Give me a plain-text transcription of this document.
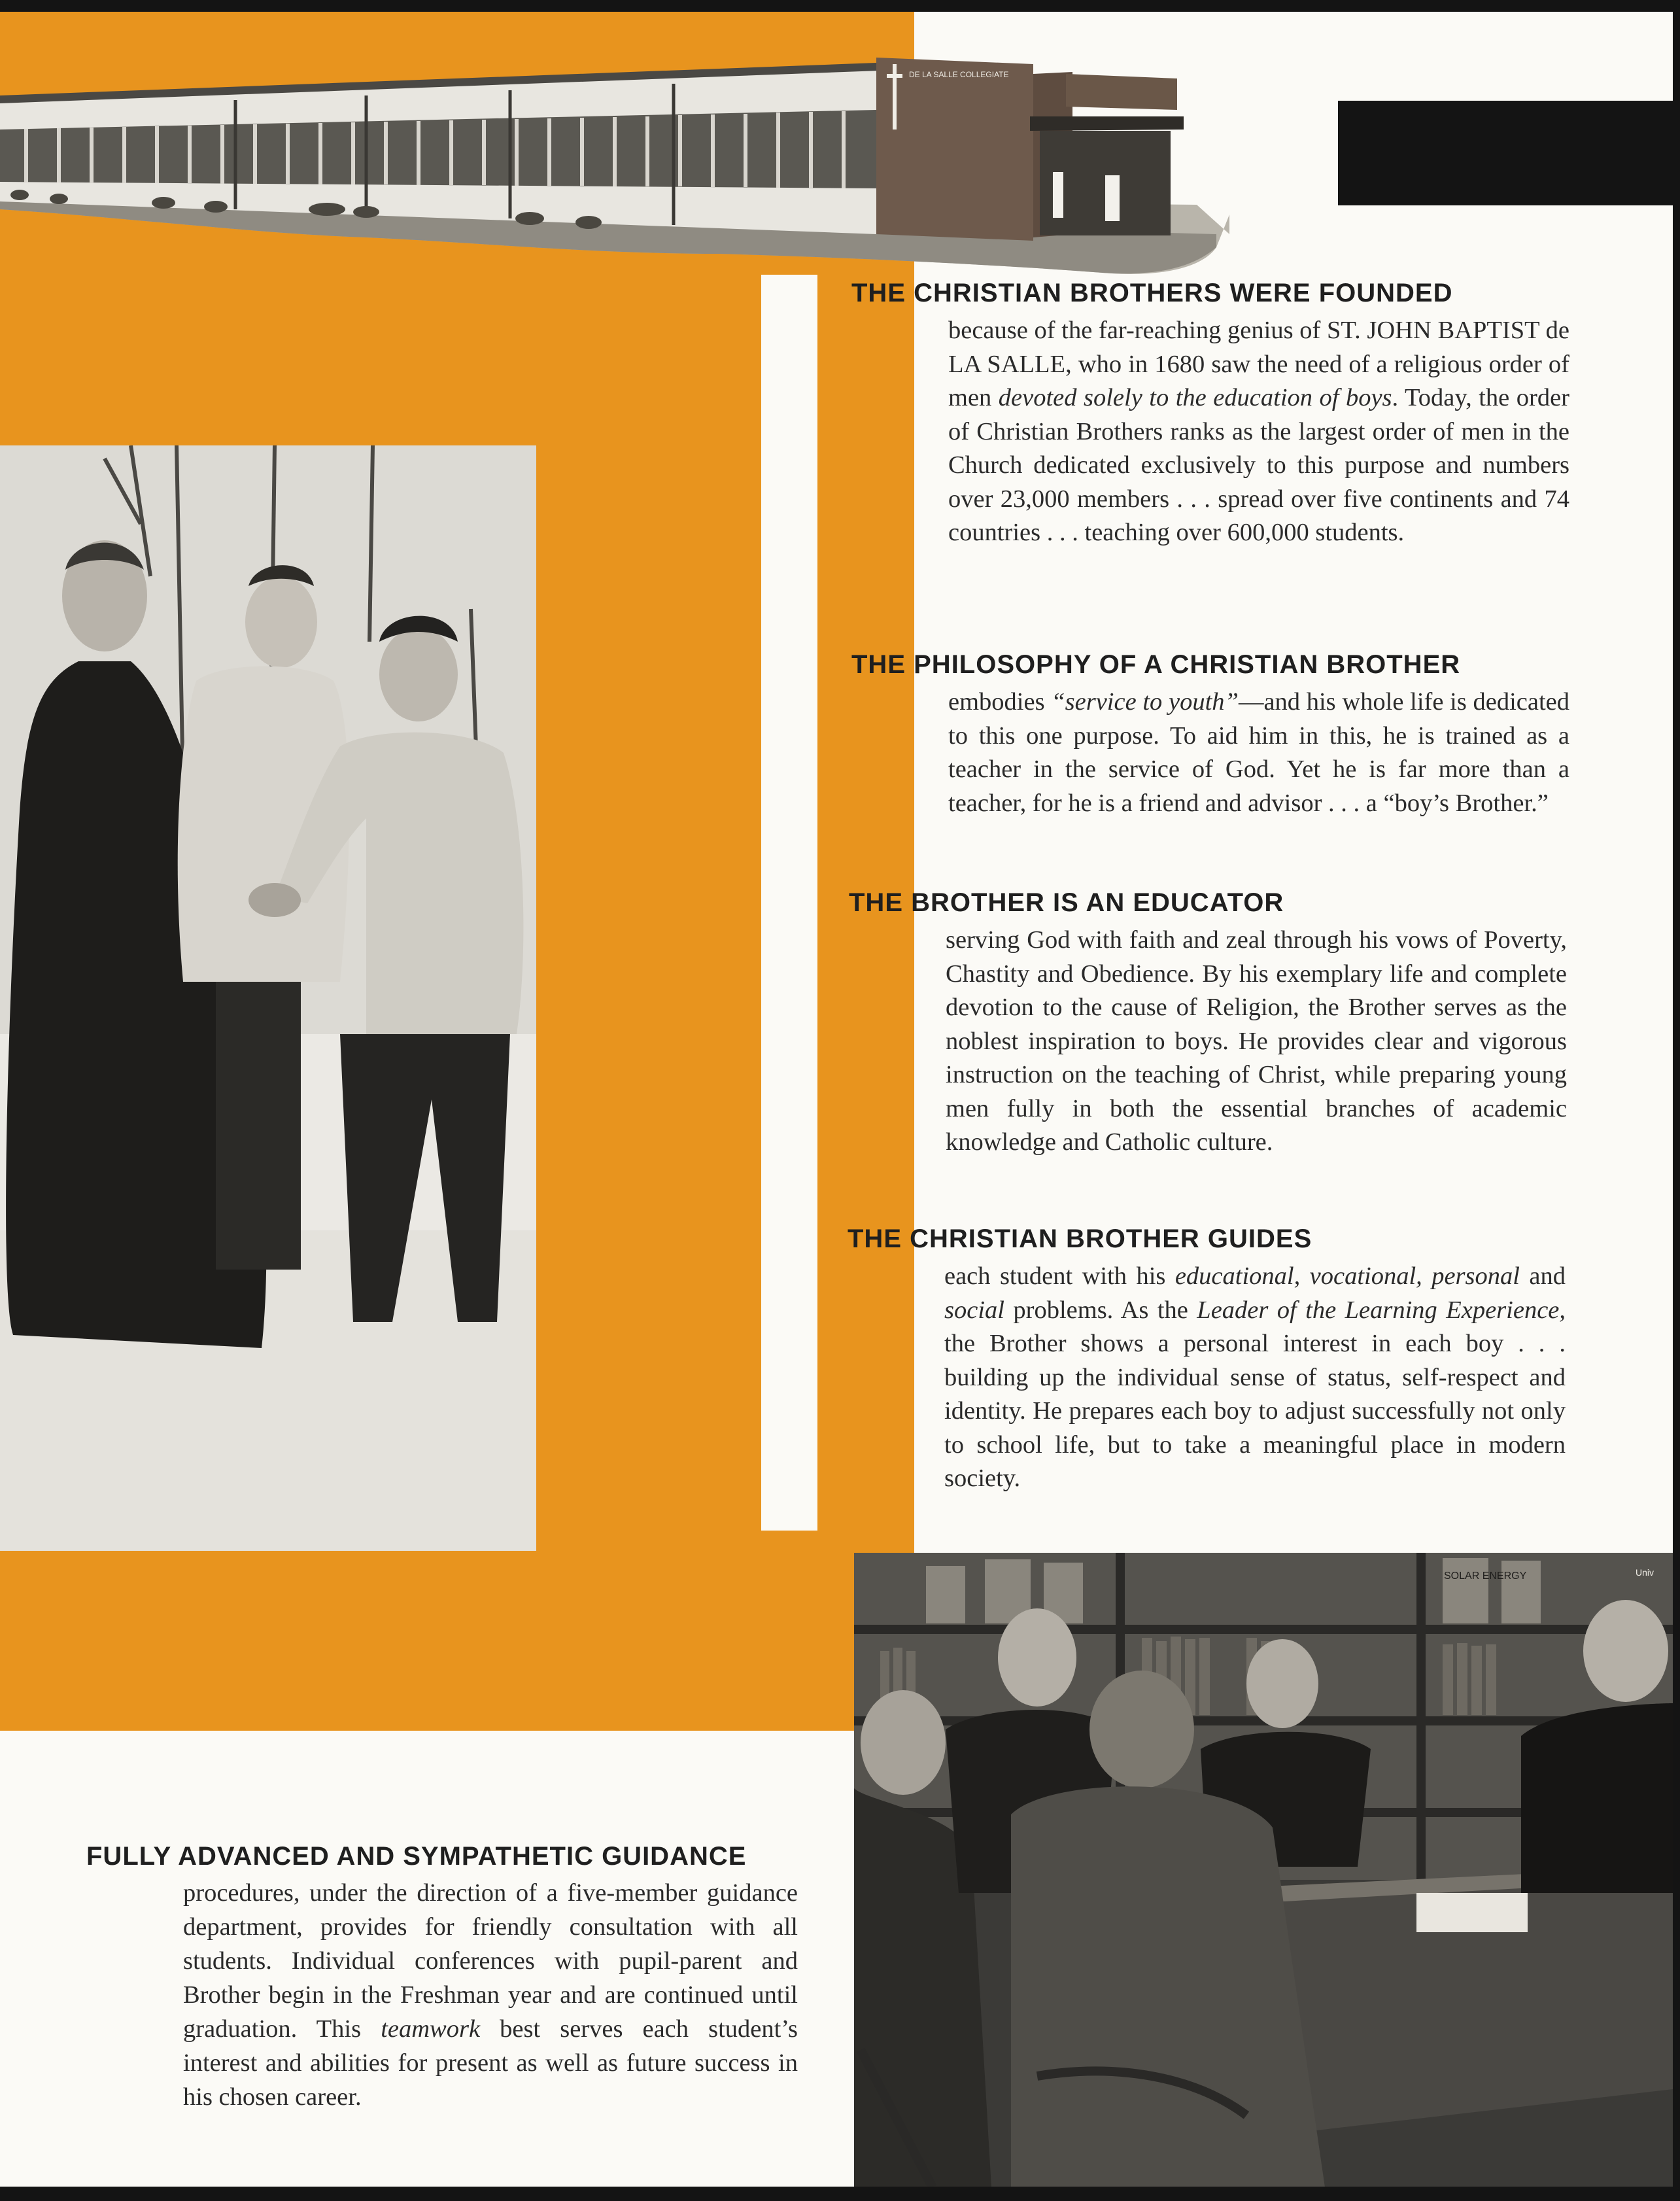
DE LA SALLE COLLEGIATE
SOLAR ENERGY	Univ
THE CHRISTIAN BROTHERS WERE FOUNDED

because of the far-reaching genius of ST. JOHN BAPTIST de LA SALLE, who in 1680 saw the need of a religious order of men devoted solely to the education of boys. Today, the order of Christian Brothers ranks as the largest order of men in the Church dedicated exclusively to this purpose and numbers over 23,000 members . . . spread over five continents and 74 countries . . . teaching over 600,000 students.

THE PHILOSOPHY OF A CHRISTIAN BROTHER

embodies “service to youth”—and his whole life is dedicated to this one purpose. To aid him in this, he is trained as a teacher in the service of God. Yet he is far more than a teacher, for he is a friend and advisor . . . a “boy’s Brother.”

THE BROTHER IS AN EDUCATOR

serving God with faith and zeal through his vows of Poverty, Chastity and Obedience. By his exemplary life and complete devotion to the cause of Religion, the Brother serves as the noblest inspiration to boys. He provides clear and vigorous instruction on the teaching of Christ, while preparing young men fully in both the essential branches of academic knowledge and Catholic culture.

THE CHRISTIAN BROTHER GUIDES

each student with his educational, vocational, personal and social problems. As the Leader of the Learning Experience, the Brother shows a personal interest in each boy . . . building up the individual sense of status, self-respect and identity. He prepares each boy to adjust successfully not only to school life, but to take a meaningful place in modern society.

FULLY ADVANCED AND SYMPATHETIC GUIDANCE

procedures, under the direction of a five-member guidance department, provides for friendly consultation with all students. Individual conferences with pupil-parent and Brother begin in the Freshman year and are continued until graduation. This teamwork best serves each student’s interest and abilities for present as well as future success in his chosen career.
